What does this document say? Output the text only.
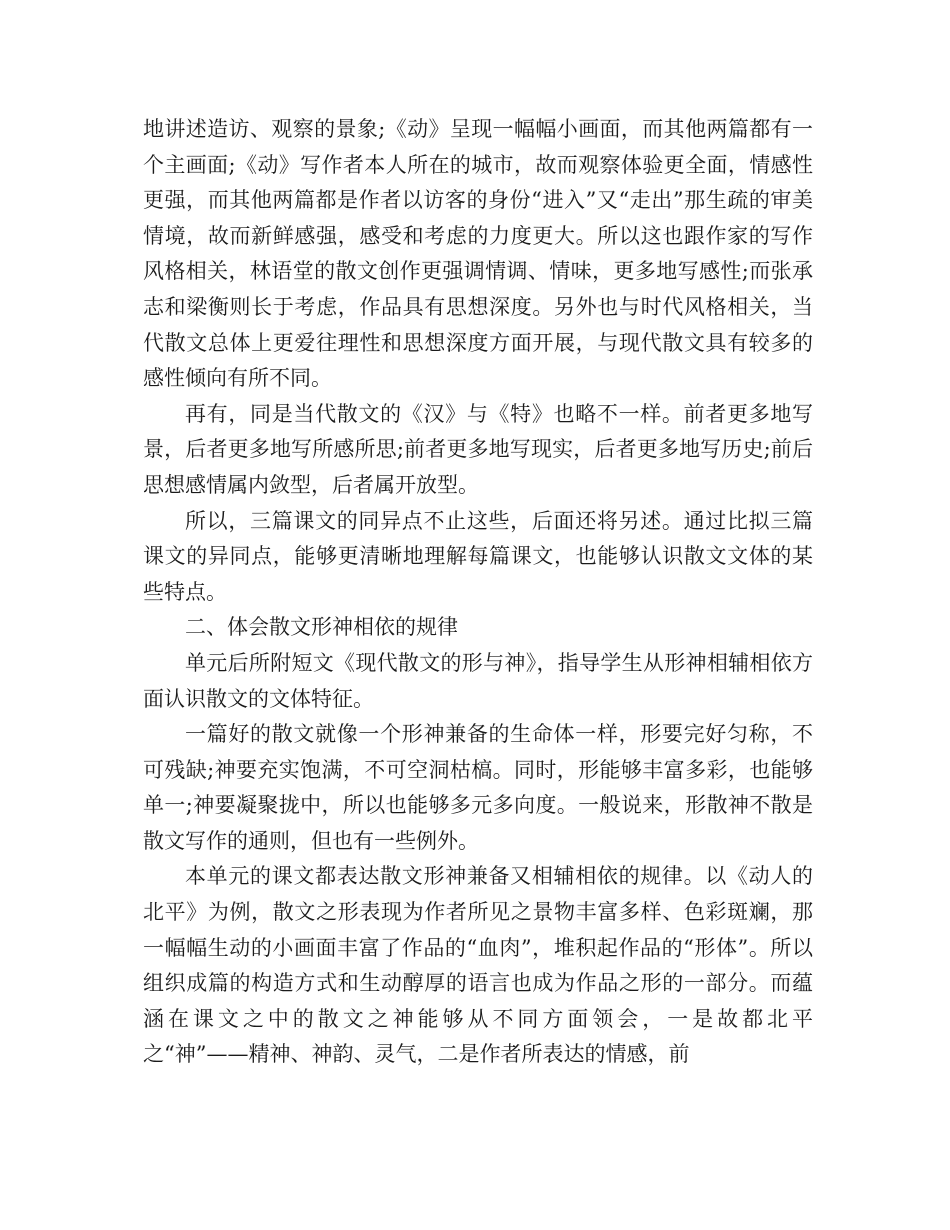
地讲述造访、观察的景象;《动》呈现一幅幅小画面，而其他两篇都有一个主画面;《动》写作者本人所在的城市，故而观察体验更全面，情感性更强，而其他两篇都是作者以访客的身份“进入”又“走出”那生疏的审美情境，故而新鲜感强，感受和考虑的力度更大。所以这也跟作家的写作风格相关，林语堂的散文创作更强调情调、情味，更多地写感性;而张承志和梁衡则长于考虑，作品具有思想深度。另外也与时代风格相关，当代散文总体上更爱往理性和思想深度方面开展，与现代散文具有较多的感性倾向有所不同。

再有，同是当代散文的《汉》与《特》也略不一样。前者更多地写景，后者更多地写所感所思;前者更多地写现实，后者更多地写历史;前后思想感情属内敛型，后者属开放型。

所以，三篇课文的同异点不止这些，后面还将另述。通过比拟三篇课文的异同点，能够更清晰地理解每篇课文，也能够认识散文文体的某些特点。

二、体会散文形神相依的规律

单元后所附短文《现代散文的形与神》，指导学生从形神相辅相依方面认识散文的文体特征。

一篇好的散文就像一个形神兼备的生命体一样，形要完好匀称，不可残缺;神要充实饱满，不可空洞枯槁。同时，形能够丰富多彩，也能够单一;神要凝聚拢中，所以也能够多元多向度。一般说来，形散神不散是散文写作的通则，但也有一些例外。

本单元的课文都表达散文形神兼备又相辅相依的规律。以《动人的北平》为例，散文之形表现为作者所见之景物丰富多样、色彩斑斓，那一幅幅生动的小画面丰富了作品的“血肉”，堆积起作品的“形体”。所以组织成篇的构造方式和生动醇厚的语言也成为作品之形的一部分。而蕴涵在课文之中的散文之神能够从不同方面领会，一是故都北平之“神”——精神、神韵、灵气，二是作者所表达的情感，前
